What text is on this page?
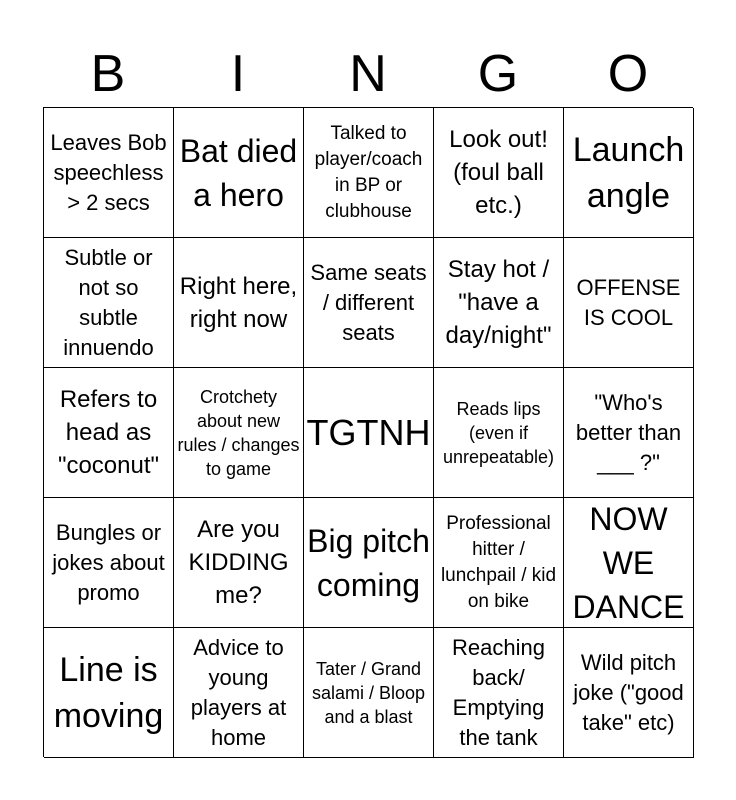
B	I	N	G	O
Leaves Bob speechless > 2 secs
Bat died a hero
Talked to player/coach in BP or clubhouse
Look out! (foul ball etc.)
Launch angle
Subtle or not so subtle innuendo
Right here, right now
Same seats / different seats
Stay hot / "have a day/night"
OFFENSE IS COOL
Refers to head as "coconut"
Crotchety about new rules / changes to game
TGTNH
Reads lips (even if unrepeatable)
"Who's better than ___ ?"
Bungles or jokes about promo
Are you KIDDING me?
Big pitch coming
Professional hitter / lunchpail / kid on bike
NOW WE DANCE
Line is moving
Advice to young players at home
Tater / Grand salami / Bloop and a blast
Reaching back/ Emptying the tank
Wild pitch joke ("good take" etc)
